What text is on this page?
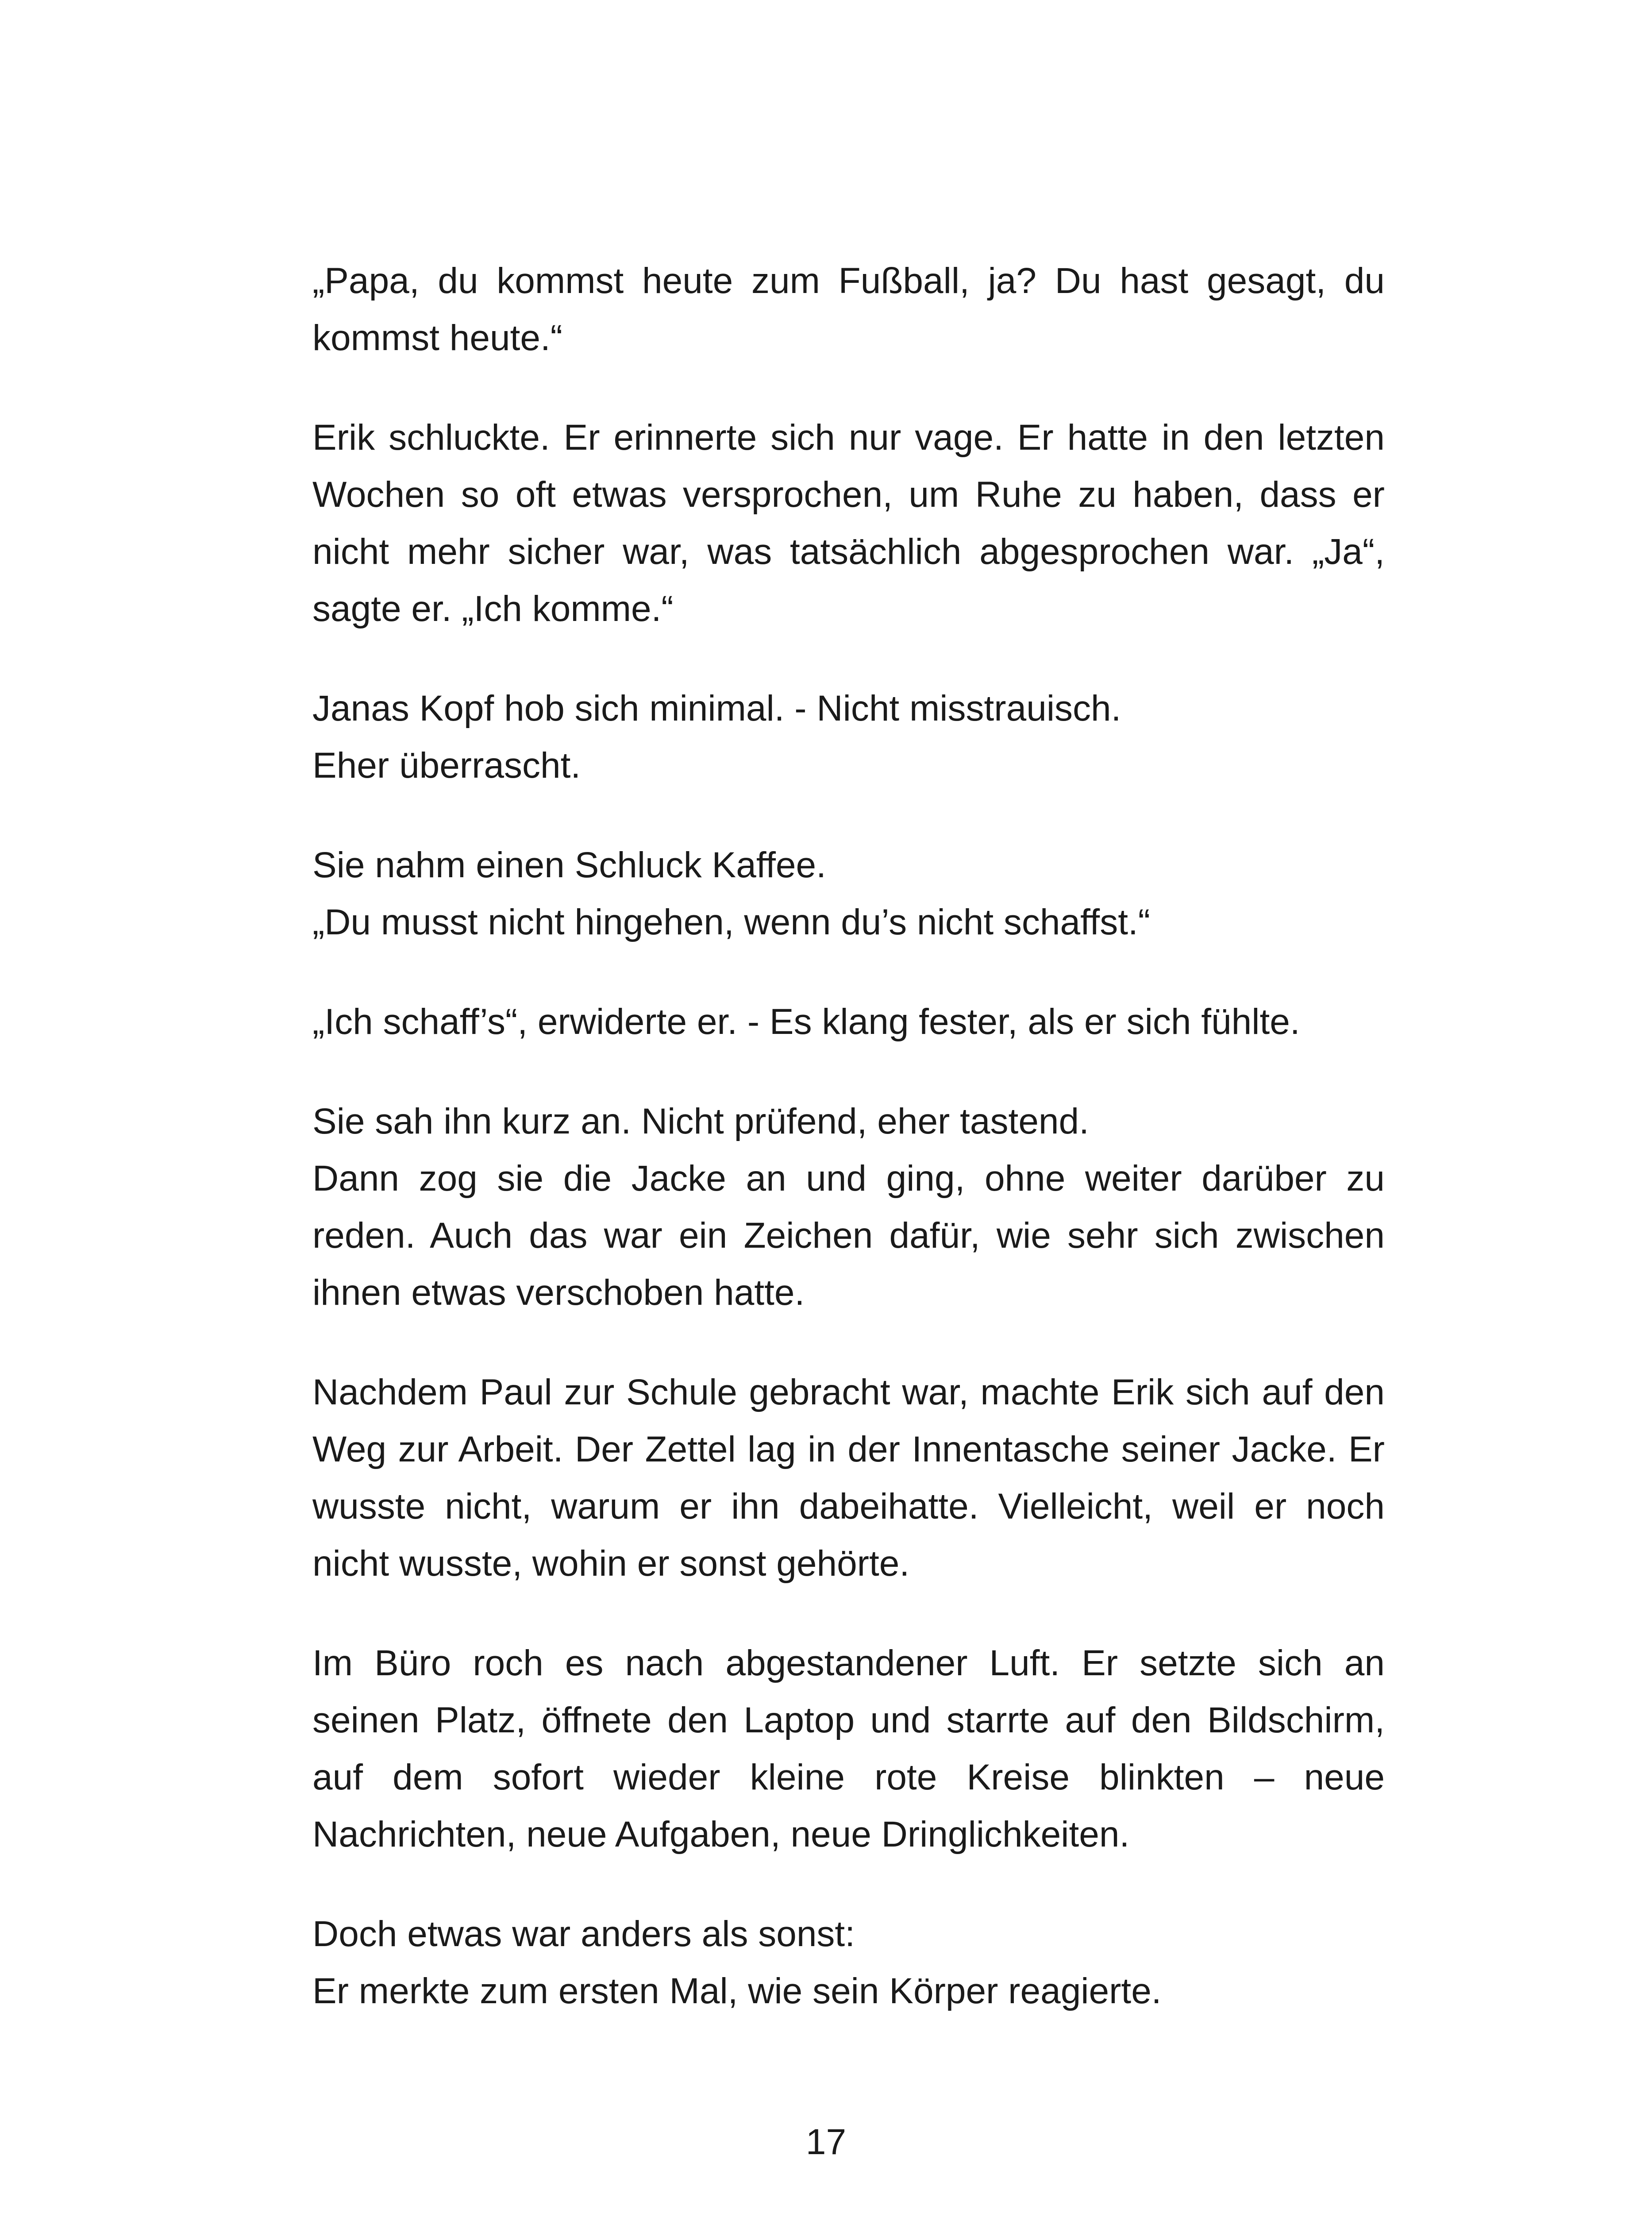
„Papa, du kommst heute zum Fußball, ja? Du hast gesagt, du
kommst heute.“

Erik schluckte. Er erinnerte sich nur vage. Er hatte in den letzten
Wochen so oft etwas versprochen, um Ruhe zu haben, dass er
nicht mehr sicher war, was tatsächlich abgesprochen war. „Ja“,
sagte er. „Ich komme.“

Janas Kopf hob sich minimal. - Nicht misstrauisch.
Eher überrascht.

Sie nahm einen Schluck Kaffee.
„Du musst nicht hingehen, wenn du’s nicht schaffst.“

„Ich schaff’s“, erwiderte er. - Es klang fester, als er sich fühlte.

Sie sah ihn kurz an. Nicht prüfend, eher tastend.
Dann zog sie die Jacke an und ging, ohne weiter darüber zu
reden. Auch das war ein Zeichen dafür, wie sehr sich zwischen
ihnen etwas verschoben hatte.

Nachdem Paul zur Schule gebracht war, machte Erik sich auf den
Weg zur Arbeit. Der Zettel lag in der Innentasche seiner Jacke. Er
wusste nicht, warum er ihn dabeihatte. Vielleicht, weil er noch
nicht wusste, wohin er sonst gehörte.

Im Büro roch es nach abgestandener Luft. Er setzte sich an
seinen Platz, öffnete den Laptop und starrte auf den Bildschirm,
auf dem sofort wieder kleine rote Kreise blinkten – neue
Nachrichten, neue Aufgaben, neue Dringlichkeiten.

Doch etwas war anders als sonst:
Er merkte zum ersten Mal, wie sein Körper reagierte.

17
